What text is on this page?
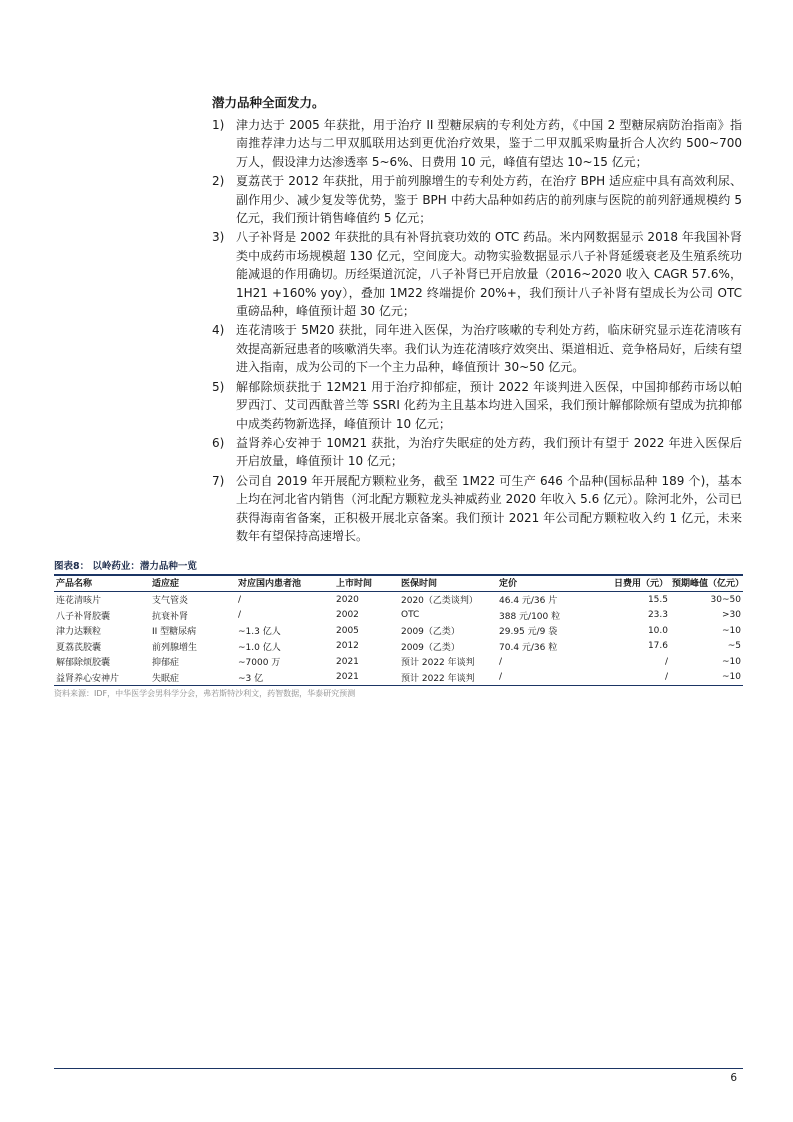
潜力品种全面发力。

1) 津力达于 2005 年获批，用于治疗 II 型糖尿病的专利处方药，《中国 2 型糖尿病防治指南》指南推荐津力达与二甲双胍联用达到更优治疗效果，鉴于二甲双胍采购量折合人次约 500~700 万人，假设津力达渗透率 5~6%、日费用 10 元，峰值有望达 10~15 亿元；
2) 夏荔芪于 2012 年获批，用于前列腺增生的专利处方药，在治疗 BPH 适应症中具有高效利尿、副作用少、减少复发等优势，鉴于 BPH 中药大品种如药店的前列康与医院的前列舒通规模约 5 亿元，我们预计销售峰值约 5 亿元；
3) 八子补肾是 2002 年获批的具有补肾抗衰功效的 OTC 药品。米内网数据显示 2018 年我国补肾类中成药市场规模超 130 亿元，空间庞大。动物实验数据显示八子补肾延缓衰老及生殖系统功能减退的作用确切。历经渠道沉淀，八子补肾已开启放量（2016~2020 收入 CAGR 57.6%，1H21 +160% yoy），叠加 1M22 终端提价 20%+，我们预计八子补肾有望成长为公司 OTC 重磅品种，峰值预计超 30 亿元；
4) 连花清咳于 5M20 获批，同年进入医保，为治疗咳嗽的专利处方药，临床研究显示连花清咳有效提高新冠患者的咳嗽消失率。我们认为连花清咳疗效突出、渠道相近、竞争格局好，后续有望进入指南，成为公司的下一个主力品种，峰值预计 30~50 亿元。
5) 解郁除烦获批于 12M21 用于治疗抑郁症，预计 2022 年谈判进入医保，中国抑郁药市场以帕罗西汀、艾司西酞普兰等 SSRI 化药为主且基本均进入国采，我们预计解郁除烦有望成为抗抑郁中成类药物新选择，峰值预计 10 亿元；
6) 益肾养心安神于 10M21 获批，为治疗失眠症的处方药，我们预计有望于 2022 年进入医保后开启放量，峰值预计 10 亿元；
7) 公司自 2019 年开展配方颗粒业务，截至 1M22 可生产 646 个品种(国标品种 189 个)，基本上均在河北省内销售（河北配方颗粒龙头神威药业 2020 年收入 5.6 亿元）。除河北外，公司已获得海南省备案，正积极开展北京备案。我们预计 2021 年公司配方颗粒收入约 1 亿元，未来数年有望保持高速增长。
图表8： 以岭药业：潜力品种一览
产品名称	适应症	对应国内患者池	上市时间	医保时间	定价	日费用（元）	预期峰值（亿元）
连花清咳片	支气管炎	/	2020	2020（乙类谈判）	46.4 元/36 片	15.5	30~50
八子补肾胶囊	抗衰补肾	/	2002	OTC	388 元/100 粒	23.3	>30
津力达颗粒	II 型糖尿病	~1.3 亿人	2005	2009（乙类）	29.95 元/9 袋	10.0	~10
夏荔芪胶囊	前列腺增生	~1.0 亿人	2012	2009（乙类）	70.4 元/36 粒	17.6	~5
解郁除烦胶囊	抑郁症	~7000 万	2021	预计 2022 年谈判	/	/	~10
益肾养心安神片	失眠症	~3 亿	2021	预计 2022 年谈判	/	/	~10
资料来源：IDF，中华医学会男科学分会，弗若斯特沙利文，药智数据，华泰研究预测
6
